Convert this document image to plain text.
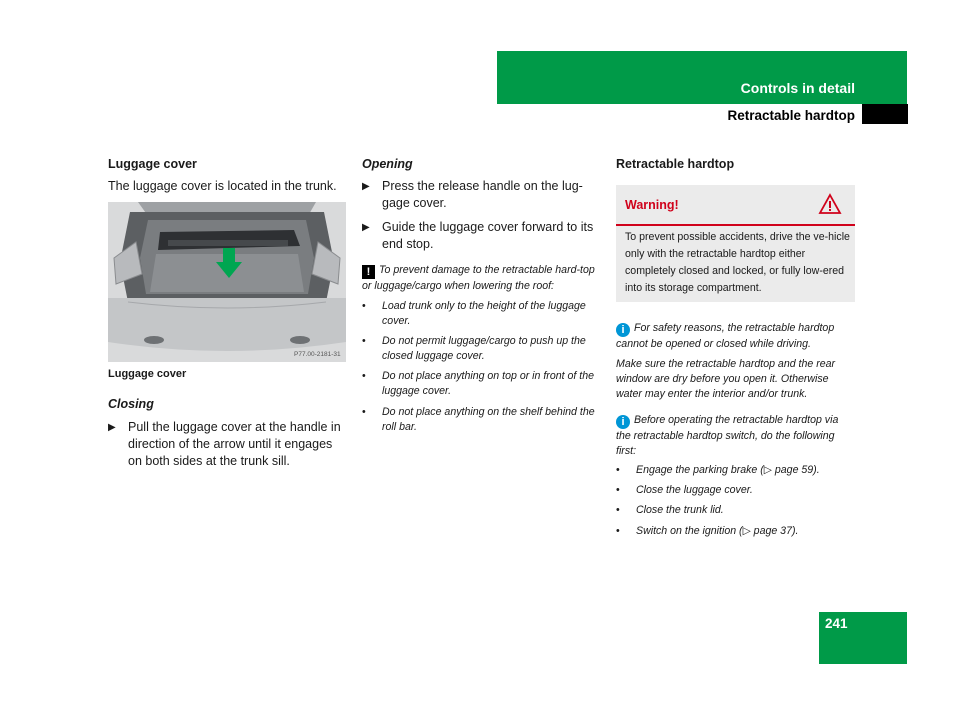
Controls in detail
Retractable hardtop
Luggage cover
The luggage cover is located in the trunk.
P77.00-2181-31
Luggage cover
Closing
▶ Pull the luggage cover at the handle in direction of the arrow until it engages on both sides at the trunk sill.
Opening
▶ Press the release handle on the lug-gage cover.
▶ Guide the luggage cover forward to its end stop.
! To prevent damage to the retractable hard-top or luggage/cargo when lowering the roof:
•	Load trunk only to the height of the luggage cover.
•	Do not permit luggage/cargo to push up the closed luggage cover.
•	Do not place anything on top or in front of the luggage cover.
•	Do not place anything on the shelf behind the roll bar.
Retractable hardtop
Warning!
To prevent possible accidents, drive the ve-hicle only with the retractable hardtop either completely closed and locked, or fully low-ered into its storage compartment.
i For safety reasons, the retractable hardtop cannot be opened or closed while driving.
Make sure the retractable hardtop and the rear window are dry before you open it. Otherwise water may enter the interior and/or trunk.
i Before operating the retractable hardtop via the retractable hardtop switch, do the following first:
•	Engage the parking brake (▷ page 59).
•	Close the luggage cover.
•	Close the trunk lid.
•	Switch on the ignition (▷ page 37).
241
